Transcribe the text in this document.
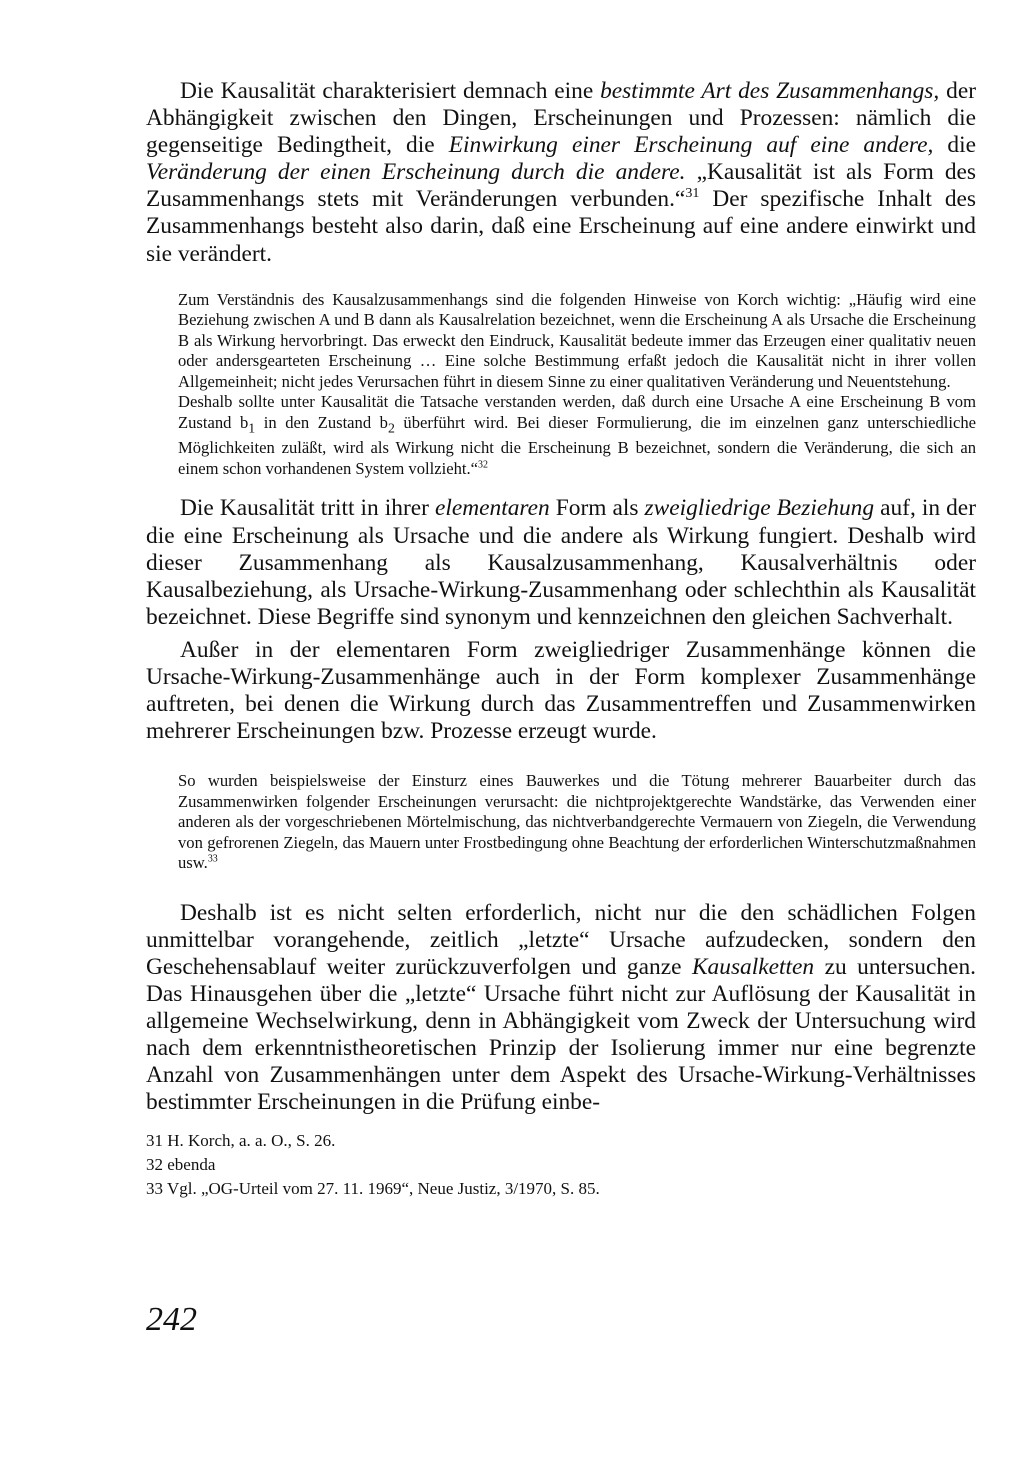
Die Kausalität charakterisiert demnach eine bestimmte Art des Zusammenhangs, der Abhängigkeit zwischen den Dingen, Erscheinungen und Prozessen: nämlich die gegenseitige Bedingtheit, die Einwirkung einer Erscheinung auf eine andere, die Veränderung der einen Erscheinung durch die andere. „Kausalität ist als Form des Zusammenhangs stets mit Veränderungen verbunden.“$^{31}$ Der spezifische Inhalt des Zusammenhangs besteht also darin, daß eine Erscheinung auf eine andere einwirkt und sie verändert.

Zum Verständnis des Kausalzusammenhangs sind die folgenden Hinweise von Korch wichtig: „Häufig wird eine Beziehung zwischen A und B dann als Kausalrelation bezeichnet, wenn die Erscheinung A als Ursache die Erscheinung B als Wirkung hervorbringt. Das erweckt den Eindruck, Kausalität bedeute immer das Erzeugen einer qualitativ neuen oder andersgearteten Erscheinung … Eine solche Bestimmung erfaßt jedoch die Kausalität nicht in ihrer vollen Allgemeinheit; nicht jedes Verursachen führt in diesem Sinne zu einer qualitativen Veränderung und Neuentstehung.

Deshalb sollte unter Kausalität die Tatsache verstanden werden, daß durch eine Ursache A eine Erscheinung B vom Zustand $b_1$ in den Zustand $b_2$ überführt wird. Bei dieser Formulierung, die im einzelnen ganz unterschiedliche Möglichkeiten zuläßt, wird als Wirkung nicht die Erscheinung B bezeichnet, sondern die Veränderung, die sich an einem schon vorhandenen System vollzieht.“$^{32}$

Die Kausalität tritt in ihrer elementaren Form als zweigliedrige Beziehung auf, in der die eine Erscheinung als Ursache und die andere als Wirkung fungiert. Deshalb wird dieser Zusammenhang als Kausalzusammenhang, Kausalverhältnis oder Kausalbeziehung, als Ursache-Wirkung-Zusammenhang oder schlechthin als Kausalität bezeichnet. Diese Begriffe sind synonym und kennzeichnen den gleichen Sachverhalt.

Außer in der elementaren Form zweigliedriger Zusammenhänge können die Ursache-Wirkung-Zusammenhänge auch in der Form komplexer Zusammenhänge auftreten, bei denen die Wirkung durch das Zusammentreffen und Zusammenwirken mehrerer Erscheinungen bzw. Prozesse erzeugt wurde.

So wurden beispielsweise der Einsturz eines Bauwerkes und die Tötung mehrerer Bauarbeiter durch das Zusammenwirken folgender Erscheinungen verursacht: die nichtprojektgerechte Wandstärke, das Verwenden einer anderen als der vorgeschriebenen Mörtelmischung, das nichtverbandgerechte Vermauern von Ziegeln, die Verwendung von gefrorenen Ziegeln, das Mauern unter Frostbedingung ohne Beachtung der erforderlichen Winterschutzmaßnahmen usw.$^{33}$

Deshalb ist es nicht selten erforderlich, nicht nur die den schädlichen Folgen unmittelbar vorangehende, zeitlich „letzte“ Ursache aufzudecken, sondern den Geschehensablauf weiter zurückzuverfolgen und ganze Kausalketten zu untersuchen. Das Hinausgehen über die „letzte“ Ursache führt nicht zur Auflösung der Kausalität in allgemeine Wechselwirkung, denn in Abhängigkeit vom Zweck der Untersuchung wird nach dem erkenntnistheoretischen Prinzip der Isolierung immer nur eine begrenzte Anzahl von Zusammenhängen unter dem Aspekt des Ursache-Wirkung-Verhältnisses bestimmter Erscheinungen in die Prüfung einbe-

31 H. Korch, a. a. O., S. 26.
32 ebenda
33 Vgl. „OG-Urteil vom 27. 11. 1969“, Neue Justiz, 3/1970, S. 85.
242
